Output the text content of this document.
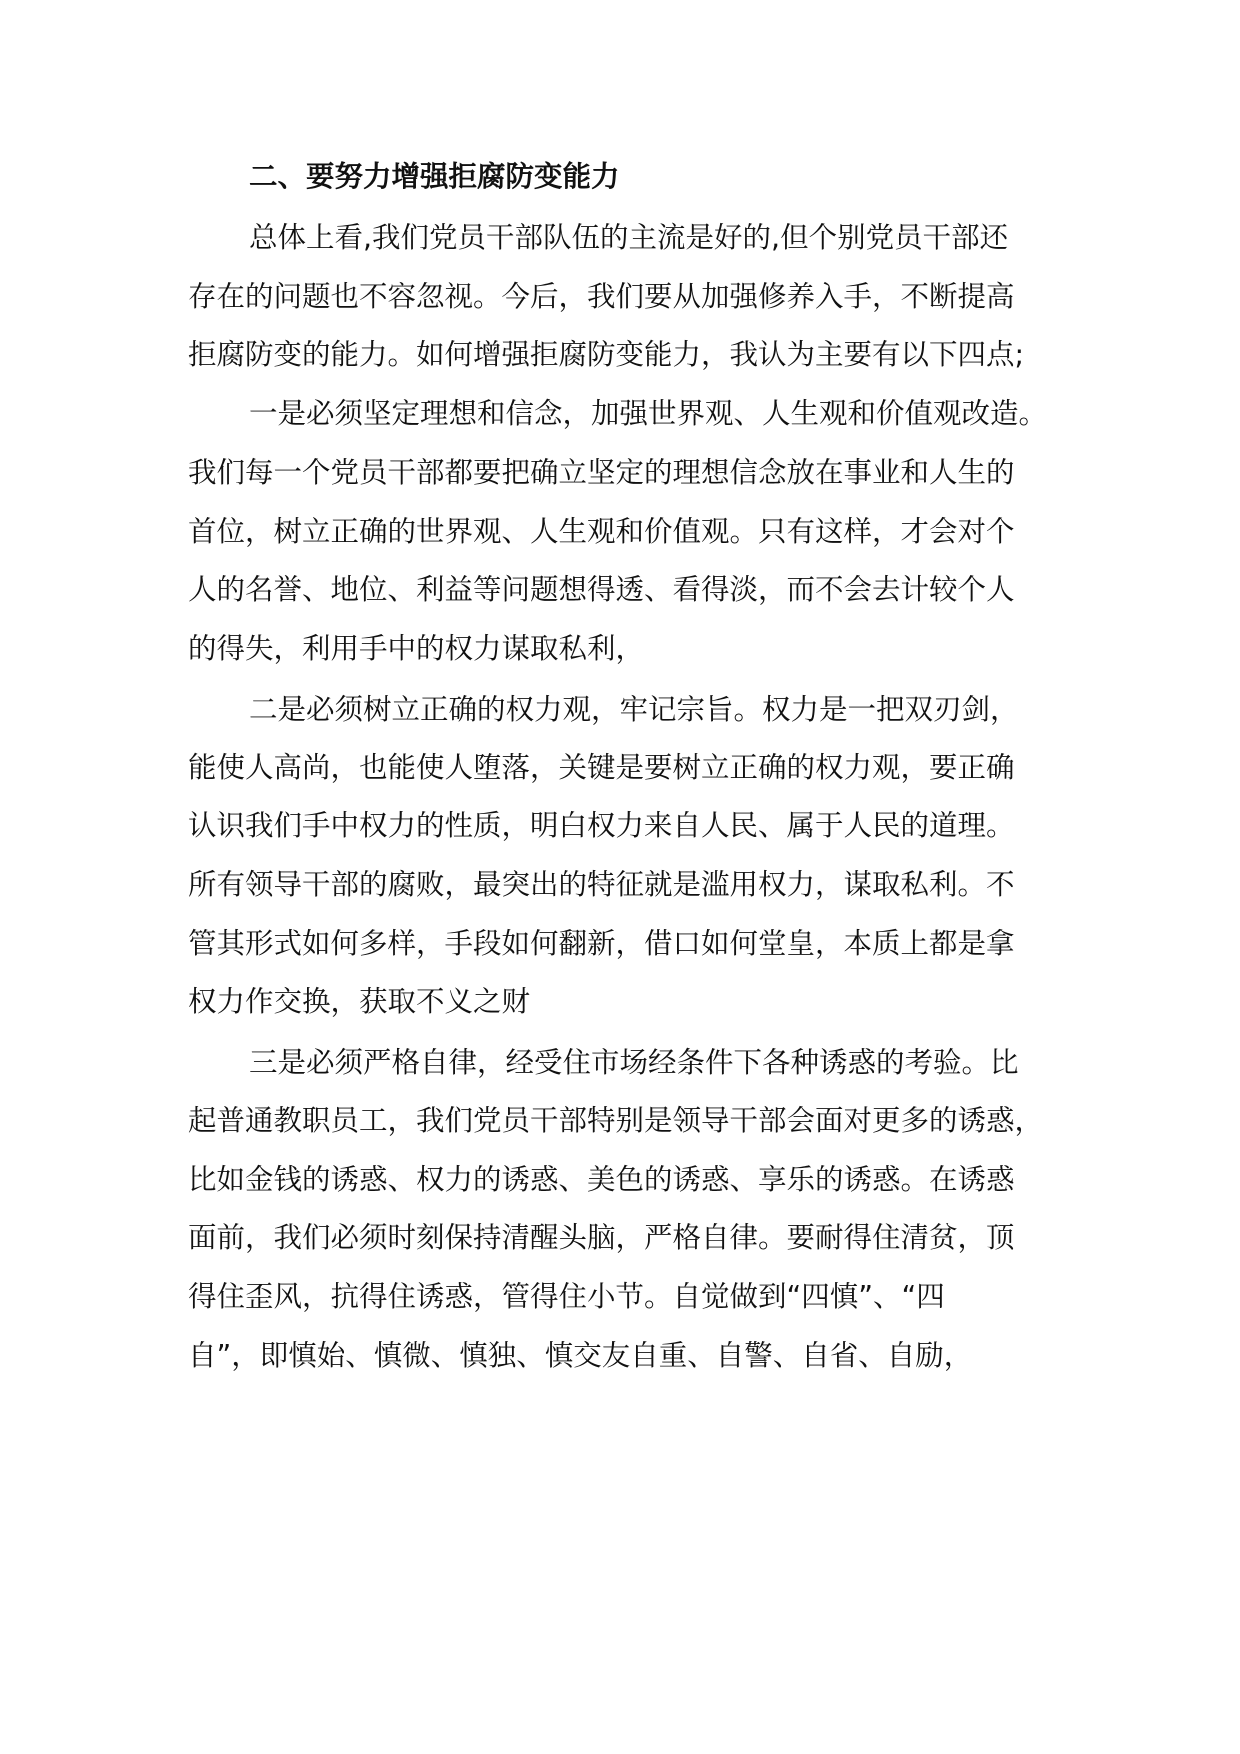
二、要努力增强拒腐防变能力
总体上看,我们党员干部队伍的主流是好的,但个别党员干部还
存在的问题也不容忽视。今后，我们要从加强修养入手，不断提高
拒腐防变的能力。如何增强拒腐防变能力，我认为主要有以下四点;
一是必须坚定理想和信念，加强世界观、人生观和价值观改造。
我们每一个党员干部都要把确立坚定的理想信念放在事业和人生的
首位，树立正确的世界观、人生观和价值观。只有这样，才会对个
人的名誉、地位、利益等问题想得透、看得淡，而不会去计较个人
的得失，利用手中的权力谋取私利，
二是必须树立正确的权力观，牢记宗旨。权力是一把双刃剑，
能使人高尚，也能使人堕落，关键是要树立正确的权力观，要正确
认识我们手中权力的性质，明白权力来自人民、属于人民的道理。
所有领导干部的腐败，最突出的特征就是滥用权力，谋取私利。不
管其形式如何多样，手段如何翻新，借口如何堂皇，本质上都是拿
权力作交换，获取不义之财
三是必须严格自律，经受住市场经条件下各种诱惑的考验。比
起普通教职员工，我们党员干部特别是领导干部会面对更多的诱惑，
比如金钱的诱惑、权力的诱惑、美色的诱惑、享乐的诱惑。在诱惑
面前，我们必须时刻保持清醒头脑，严格自律。要耐得住清贫，顶
得住歪风，抗得住诱惑，管得住小节。自觉做到“四慎”、“四
自”，即慎始、慎微、慎独、慎交友自重、自警、自省、自励，
